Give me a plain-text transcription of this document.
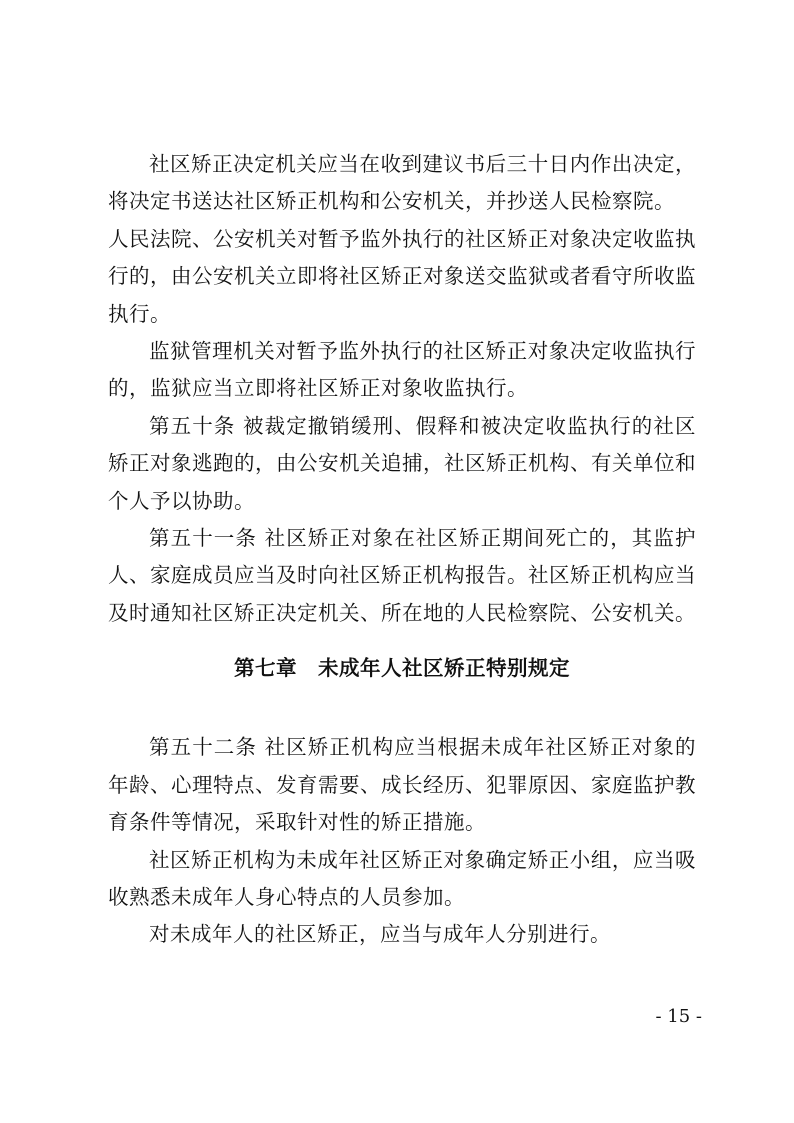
社区矫正决定机关应当在收到建议书后三十日内作出决定，将决定书送达社区矫正机构和公安机关，并抄送人民检察院。

人民法院、公安机关对暂予监外执行的社区矫正对象决定收监执行的，由公安机关立即将社区矫正对象送交监狱或者看守所收监执行。

监狱管理机关对暂予监外执行的社区矫正对象决定收监执行的，监狱应当立即将社区矫正对象收监执行。

第五十条 被裁定撤销缓刑、假释和被决定收监执行的社区矫正对象逃跑的，由公安机关追捕，社区矫正机构、有关单位和个人予以协助。

第五十一条 社区矫正对象在社区矫正期间死亡的，其监护人、家庭成员应当及时向社区矫正机构报告。社区矫正机构应当及时通知社区矫正决定机关、所在地的人民检察院、公安机关。

第七章　未成年人社区矫正特别规定

第五十二条 社区矫正机构应当根据未成年社区矫正对象的年龄、心理特点、发育需要、成长经历、犯罪原因、家庭监护教育条件等情况，采取针对性的矫正措施。

社区矫正机构为未成年社区矫正对象确定矫正小组，应当吸收熟悉未成年人身心特点的人员参加。

对未成年人的社区矫正，应当与成年人分别进行。

- 15 -
